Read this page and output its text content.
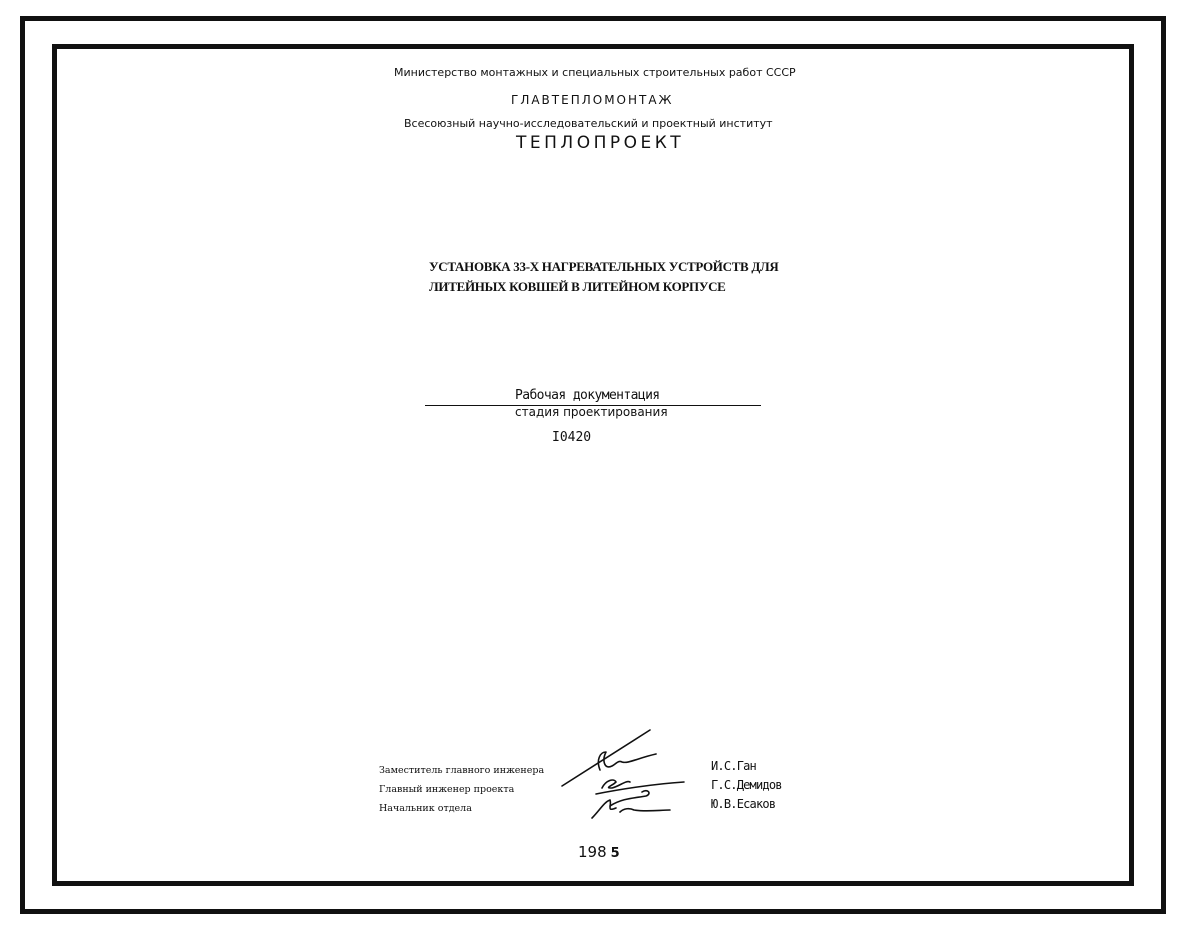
Министерство монтажных и специальных строительных работ СССР
ГЛАВТЕПЛОМОНТАЖ
Всесоюзный научно-исследовательский и проектный институт
ТЕПЛОПРОЕКТ
УСТАНОВКА 33-Х НАГРЕВАТЕЛЬНЫХ УСТРОЙСТВ ДЛЯ
ЛИТЕЙНЫХ КОВШЕЙ В ЛИТЕЙНОМ КОРПУСЕ
Рабочая документация
стадия проектирования
I0420
Заместитель главного инженера
Главный инженер проекта
Начальник отдела
И.С.Ган
Г.С.Демидов
Ю.В.Есаков
198 5
